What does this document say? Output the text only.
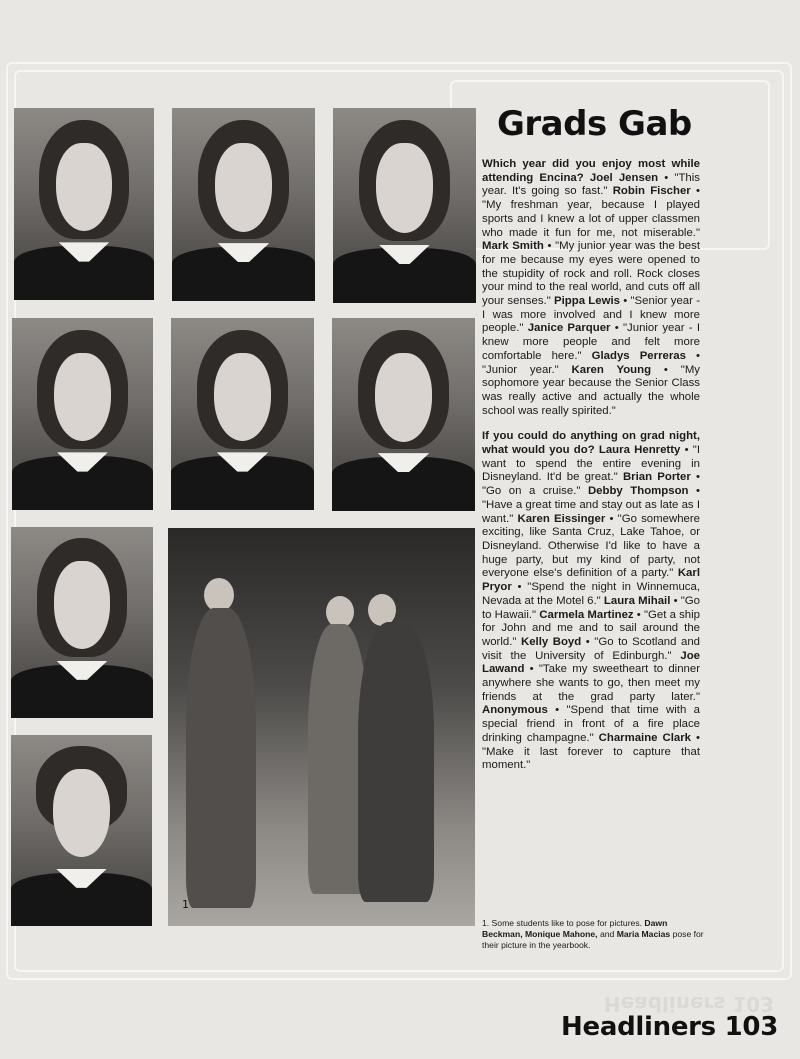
1
Grads Gab

Which year did you enjoy most while attending Encina? Joel Jensen • "This year. It's going so fast." Robin Fischer • "My freshman year, because I played sports and I knew a lot of upper classmen who made it fun for me, not miserable." Mark Smith • "My junior year was the best for me because my eyes were opened to the stupidity of rock and roll. Rock closes your mind to the real world, and cuts off all your senses." Pippa Lewis • "Senior year - I was more involved and I knew more people." Janice Parquer • "Junior year - I knew more people and felt more comfortable here." Gladys Perreras • "Junior year." Karen Young • "My sophomore year because the Senior Class was really active and actually the whole school was really spirited."

If you could do anything on grad night, what would you do? Laura Henretty • "I want to spend the entire evening in Disneyland. It'd be great." Brian Porter • "Go on a cruise." Debby Thompson • "Have a great time and stay out as late as I want." Karen Eissinger • "Go somewhere exciting, like Santa Cruz, Lake Tahoe, or Disneyland. Otherwise I'd like to have a huge party, but my kind of party, not everyone else's definition of a party." Karl Pryor • "Spend the night in Winnemuca, Nevada at the Motel 6." Laura Mihail • "Go to Hawaii." Carmela Martinez • "Get a ship for John and me and to sail around the world." Kelly Boyd • "Go to Scotland and visit the University of Edinburgh." Joe Lawand • "Take my sweetheart to dinner anywhere she wants to go, then meet my friends at the grad party later." Anonymous • "Spend that time with a special friend in front of a fire place drinking champagne." Charmaine Clark • "Make it last forever to capture that moment."

1. Some students like to pose for pictures. Dawn Beckman, Monique Mahone, and Maria Macias pose for their picture in the yearbook.
Headliners 103
Headliners 103
